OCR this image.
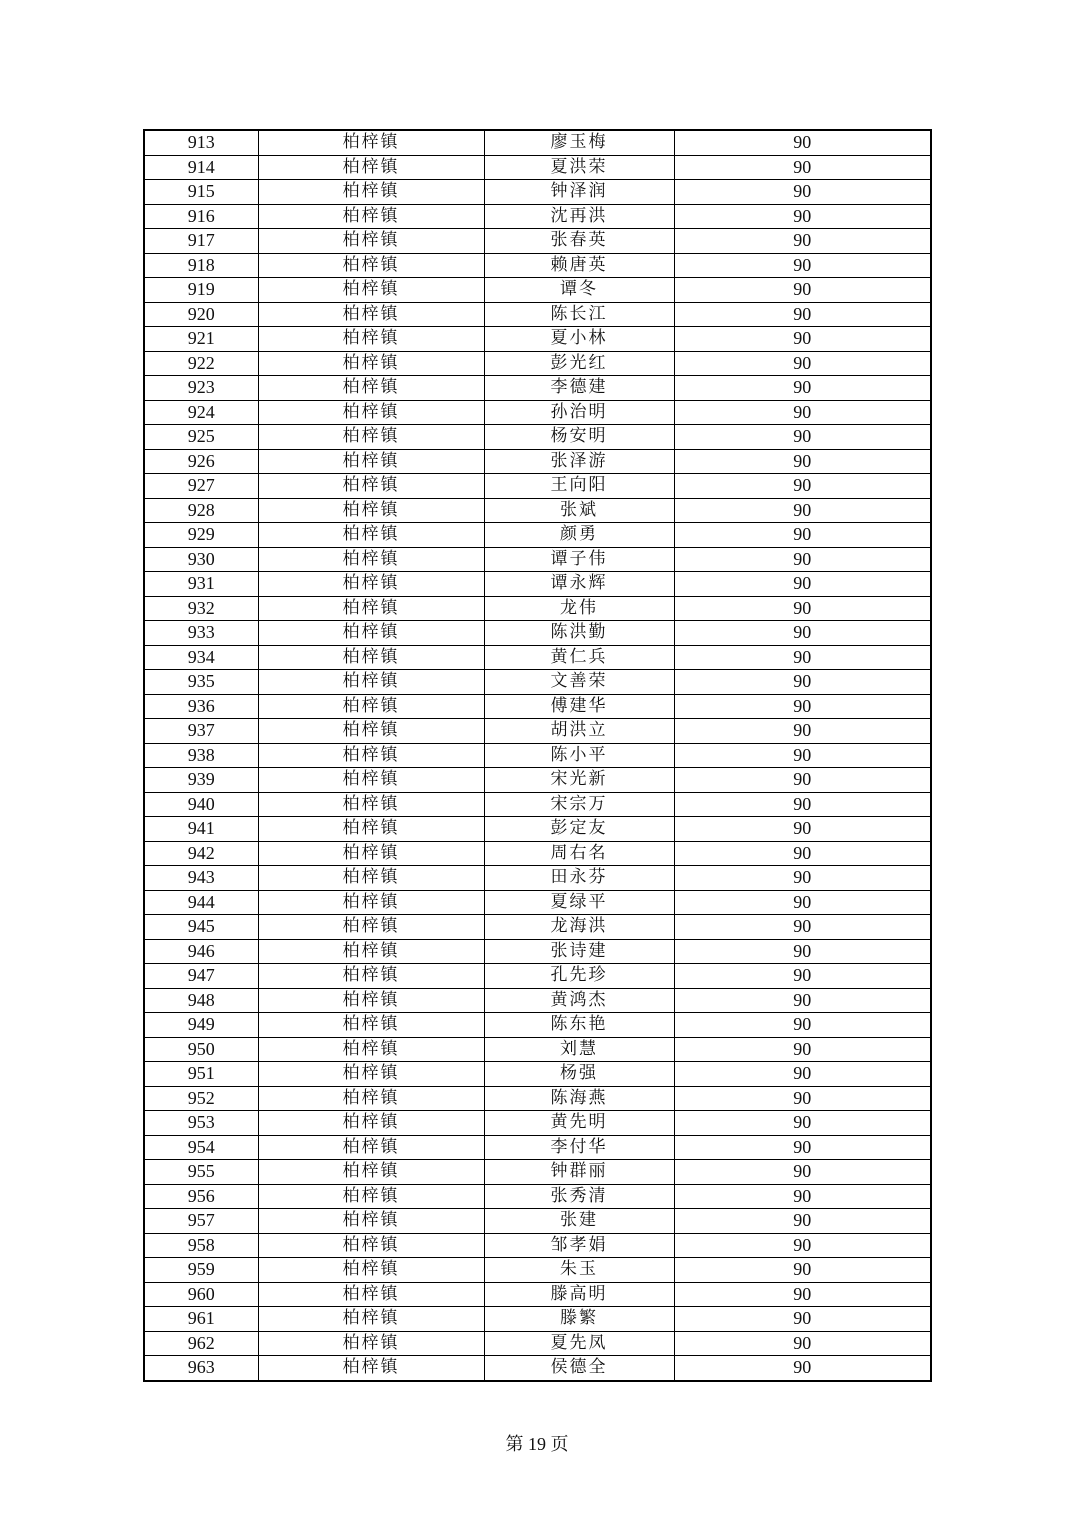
913	柏梓镇	廖玉梅	90
914	柏梓镇	夏洪荣	90
915	柏梓镇	钟泽润	90
916	柏梓镇	沈再洪	90
917	柏梓镇	张春英	90
918	柏梓镇	赖唐英	90
919	柏梓镇	谭冬	90
920	柏梓镇	陈长江	90
921	柏梓镇	夏小林	90
922	柏梓镇	彭光红	90
923	柏梓镇	李德建	90
924	柏梓镇	孙治明	90
925	柏梓镇	杨安明	90
926	柏梓镇	张泽游	90
927	柏梓镇	王向阳	90
928	柏梓镇	张斌	90
929	柏梓镇	颜勇	90
930	柏梓镇	谭子伟	90
931	柏梓镇	谭永辉	90
932	柏梓镇	龙伟	90
933	柏梓镇	陈洪勤	90
934	柏梓镇	黄仁兵	90
935	柏梓镇	文善荣	90
936	柏梓镇	傅建华	90
937	柏梓镇	胡洪立	90
938	柏梓镇	陈小平	90
939	柏梓镇	宋光新	90
940	柏梓镇	宋宗万	90
941	柏梓镇	彭定友	90
942	柏梓镇	周右名	90
943	柏梓镇	田永芬	90
944	柏梓镇	夏绿平	90
945	柏梓镇	龙海洪	90
946	柏梓镇	张诗建	90
947	柏梓镇	孔先珍	90
948	柏梓镇	黄鸿杰	90
949	柏梓镇	陈东艳	90
950	柏梓镇	刘慧	90
951	柏梓镇	杨强	90
952	柏梓镇	陈海燕	90
953	柏梓镇	黄先明	90
954	柏梓镇	李付华	90
955	柏梓镇	钟群丽	90
956	柏梓镇	张秀清	90
957	柏梓镇	张建	90
958	柏梓镇	邹孝娟	90
959	柏梓镇	朱玉	90
960	柏梓镇	滕高明	90
961	柏梓镇	滕繁	90
962	柏梓镇	夏先凤	90
963	柏梓镇	侯德全	90
第 19 页
